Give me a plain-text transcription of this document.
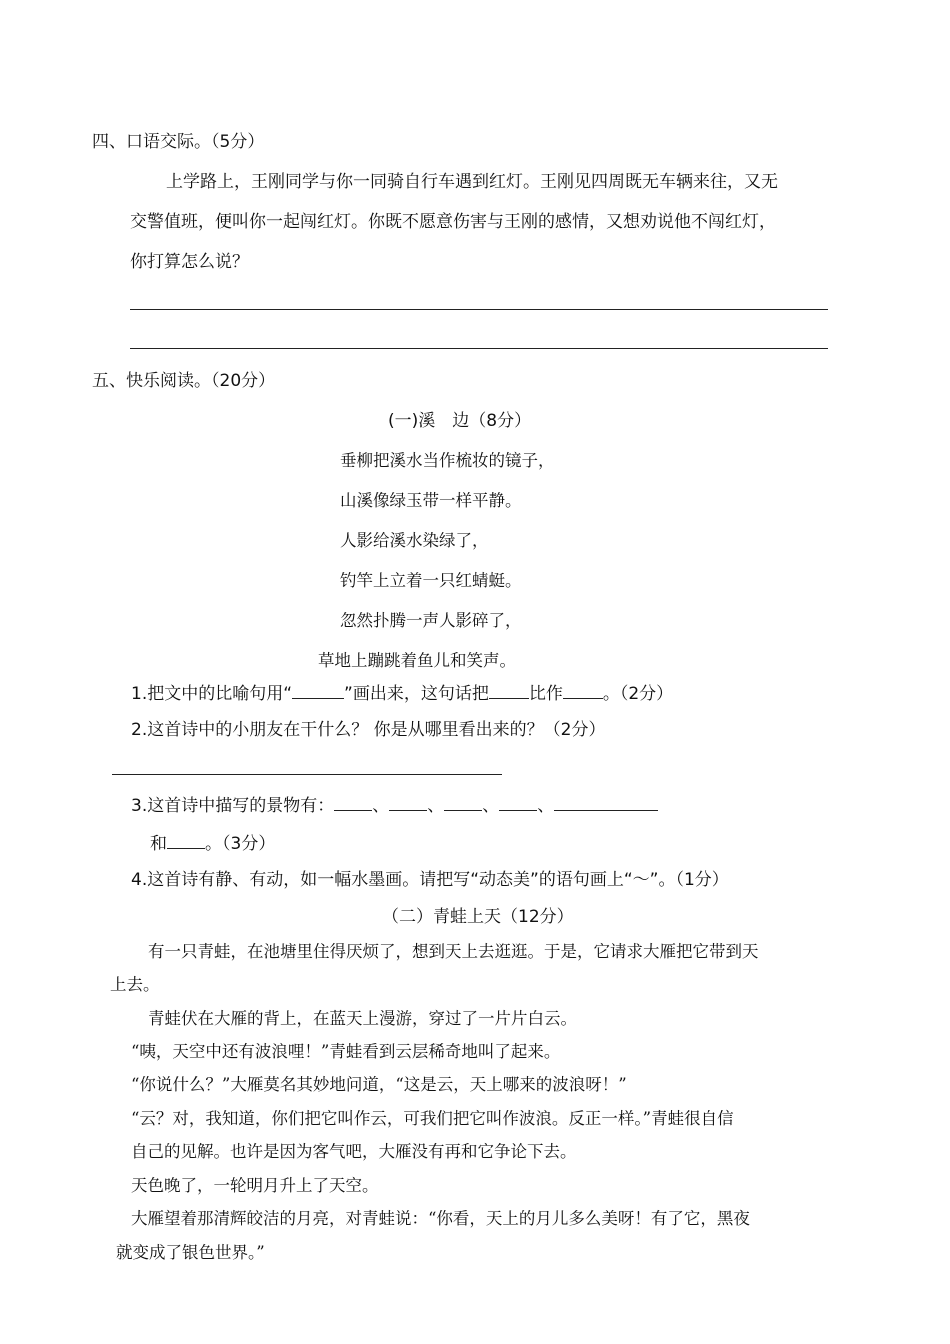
四、口语交际。（5分）
上学路上，王刚同学与你一同骑自行车遇到红灯。王刚见四周既无车辆来往，又无
交警值班，便叫你一起闯红灯。你既不愿意伤害与王刚的感情，又想劝说他不闯红灯，
你打算怎么说？
五、快乐阅读。（20分）
(一)溪　边（8分）
垂柳把溪水当作梳妆的镜子，
山溪像绿玉带一样平静。
人影给溪水染绿了，
钓竿上立着一只红蜻蜓。
忽然扑腾一声人影碎了，
草地上蹦跳着鱼儿和笑声。
1.把文中的比喻句用“	”画出来，这句话把 比作 。（2分）
2.这首诗中的小朋友在干什么？ 你是从哪里看出来的？（2分）
3.这首诗中描写的景物有： 、 、 、 、
和 。（3分）
4.这首诗有静、有动，如一幅水墨画。请把写“动态美”的语句画上“～”。（1分）
（二）青蛙上天（12分）
有一只青蛙，在池塘里住得厌烦了，想到天上去逛逛。于是，它请求大雁把它带到天
上去。
青蛙伏在大雁的背上，在蓝天上漫游，穿过了一片片白云。
“咦，天空中还有波浪哩！”青蛙看到云层稀奇地叫了起来。
“你说什么？”大雁莫名其妙地问道，“这是云，天上哪来的波浪呀！”
“云？对，我知道，你们把它叫作云，可我们把它叫作波浪。反正一样。”青蛙很自信
自己的见解。也许是因为客气吧，大雁没有再和它争论下去。
天色晚了，一轮明月升上了天空。
大雁望着那清辉皎洁的月亮，对青蛙说：“你看，天上的月儿多么美呀！有了它，黑夜
就变成了银色世界。”
